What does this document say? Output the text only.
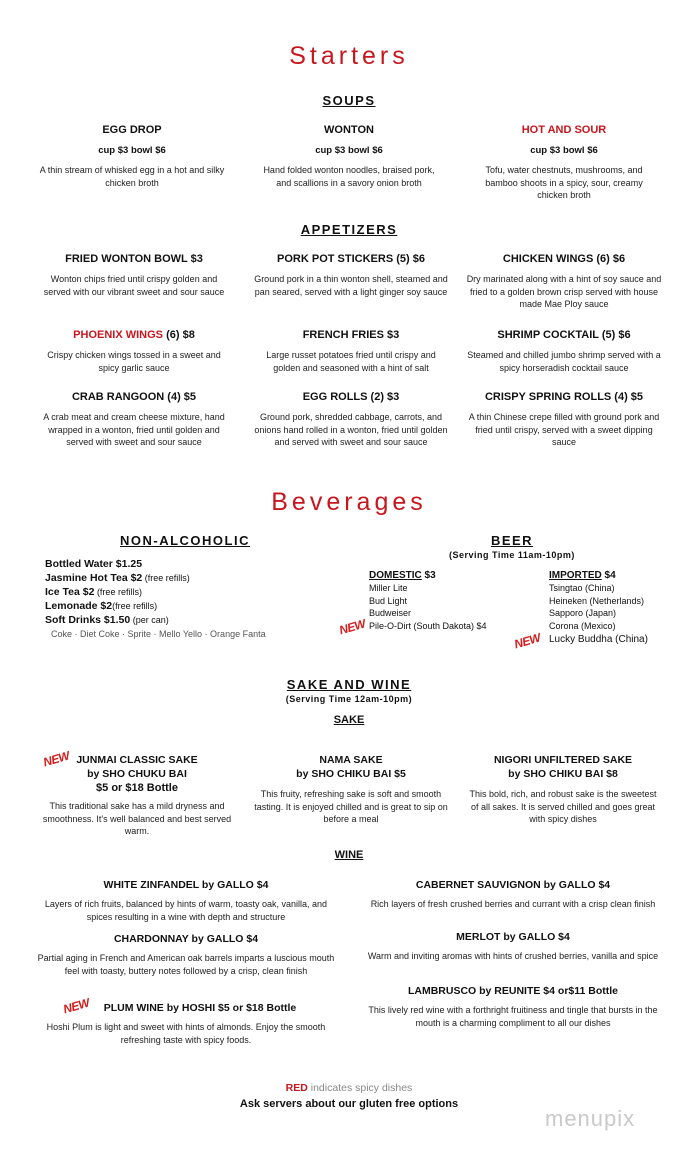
Starters
SOUPS
EGG DROP
cup $3 bowl $6
A thin stream of whisked egg in a hot and silky chicken broth
WONTON
cup $3 bowl $6
Hand folded wonton noodles, braised pork, and scallions in a savory onion broth
HOT AND SOUR
cup $3 bowl $6
Tofu, water chestnuts, mushrooms, and bamboo shoots in a spicy, sour, creamy chicken broth
APPETIZERS
FRIED WONTON BOWL $3
Wonton chips fried until crispy golden and served with our vibrant sweet and sour sauce
PORK POT STICKERS (5) $6
Ground pork in a thin wonton shell, steamed and pan seared, served with a light ginger soy sauce
CHICKEN WINGS (6) $6
Dry marinated along with a hint of soy sauce and fried to a golden brown crisp served with house made Mae Ploy sauce
PHOENIX WINGS (6) $8
Crispy chicken wings tossed in a sweet and spicy garlic sauce
FRENCH FRIES $3
Large russet potatoes fried until crispy and golden and seasoned with a hint of salt
SHRIMP COCKTAIL (5) $6
Steamed and chilled jumbo shrimp served with a spicy horseradish cocktail sauce
CRAB RANGOON (4) $5
A crab meat and cream cheese mixture, hand wrapped in a wonton, fried until golden and served with sweet and sour sauce
EGG ROLLS (2) $3
Ground pork, shredded cabbage, carrots, and onions hand rolled in a wonton, fried until golden and served with sweet and sour sauce
CRISPY SPRING ROLLS (4) $5
A thin Chinese crepe filled with ground pork and fried until crispy, served with a sweet dipping sauce
Beverages
NON-ALCOHOLIC
Bottled Water $1.25
Jasmine Hot Tea $2 (free refills)
Ice Tea $2 (free refills)
Lemonade $2(free refills)
Soft Drinks $1.50 (per can)
Coke · Diet Coke · Sprite · Mello Yello · Orange Fanta
BEER
(Serving Time 11am-10pm)
DOMESTIC $3
Miller Lite
Bud Light
Budweiser
Pile-O-Dirt (South Dakota) $4
NEW
IMPORTED $4
Tsingtao (China)
Heineken (Netherlands)
Sapporo (Japan)
Corona (Mexico)
Lucky Buddha (China)
NEW
SAKE AND WINE
(Serving Time 12am-10pm)
SAKE
NEW JUNMAI CLASSIC SAKE
by SHO CHUKU BAI
$5 or $18 Bottle
This traditional sake has a mild dryness and smoothness. It's well balanced and best served warm.
NAMA SAKE
by SHO CHIKU BAI $5
This fruity, refreshing sake is soft and smooth tasting. It is enjoyed chilled and is great to sip on before a meal
NIGORI UNFILTERED SAKE
by SHO CHIKU BAI $8
This bold, rich, and robust sake is the sweetest of all sakes. It is served chilled and goes great with spicy dishes
WINE
WHITE ZINFANDEL by GALLO $4
Layers of rich fruits, balanced by hints of warm, toasty oak, vanilla, and spices resulting in a wine with depth and structure
CHARDONNAY by GALLO $4
Partial aging in French and American oak barrels imparts a luscious mouth feel with toasty, buttery notes followed by a crisp, clean finish
NEW	PLUM WINE by HOSHI $5 or $18 Bottle
Hoshi Plum is light and sweet with hints of almonds. Enjoy the smooth refreshing taste with spicy foods.
CABERNET SAUVIGNON by GALLO $4
Rich layers of fresh crushed berries and currant with a crisp clean finish
MERLOT by GALLO $4
Warm and inviting aromas with hints of crushed berries, vanilla and spice
LAMBRUSCO by REUNITE $4 or$11 Bottle
This lively red wine with a forthright fruitiness and tingle that bursts in the mouth is a charming compliment to all our dishes
RED indicates spicy dishes
Ask servers about our gluten free options
menupix
